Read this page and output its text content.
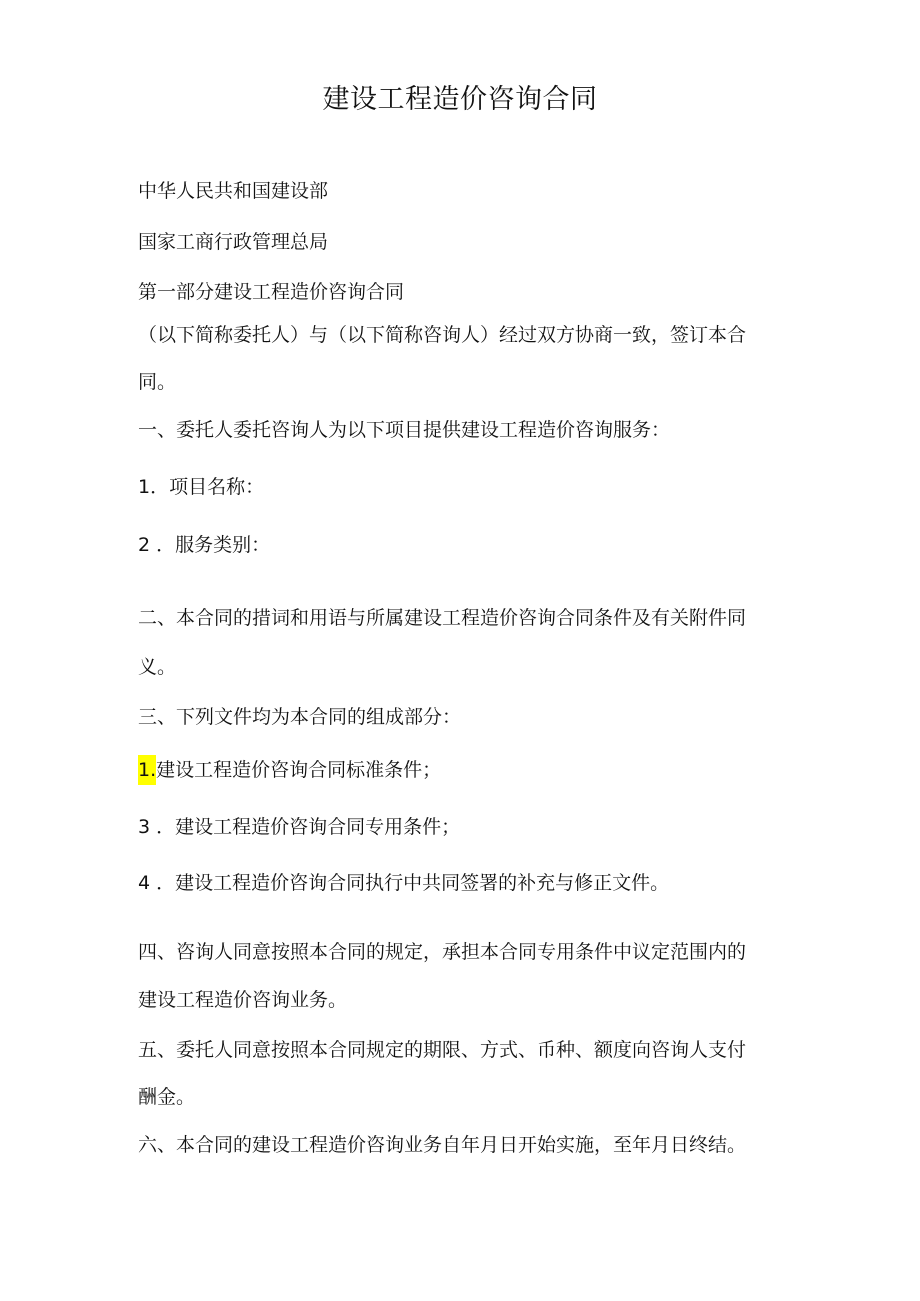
建设工程造价咨询合同
中华人民共和国建设部
国家工商行政管理总局
第一部分建设工程造价咨询合同
（以下简称委托人）与（以下简称咨询人）经过双方协商一致，签订本合
同。
一、委托人委托咨询人为以下项目提供建设工程造价咨询服务：
1．项目名称：
2 ．服务类别：
二、本合同的措词和用语与所属建设工程造价咨询合同条件及有关附件同
义。
三、下列文件均为本合同的组成部分：
1.建设工程造价咨询合同标准条件；
3 ．建设工程造价咨询合同专用条件；
4 ．建设工程造价咨询合同执行中共同签署的补充与修正文件。
四、咨询人同意按照本合同的规定，承担本合同专用条件中议定范围内的
建设工程造价咨询业务。
五、委托人同意按照本合同规定的期限、方式、币种、额度向咨询人支付
酬金。
六、本合同的建设工程造价咨询业务自年月日开始实施，至年月日终结。
